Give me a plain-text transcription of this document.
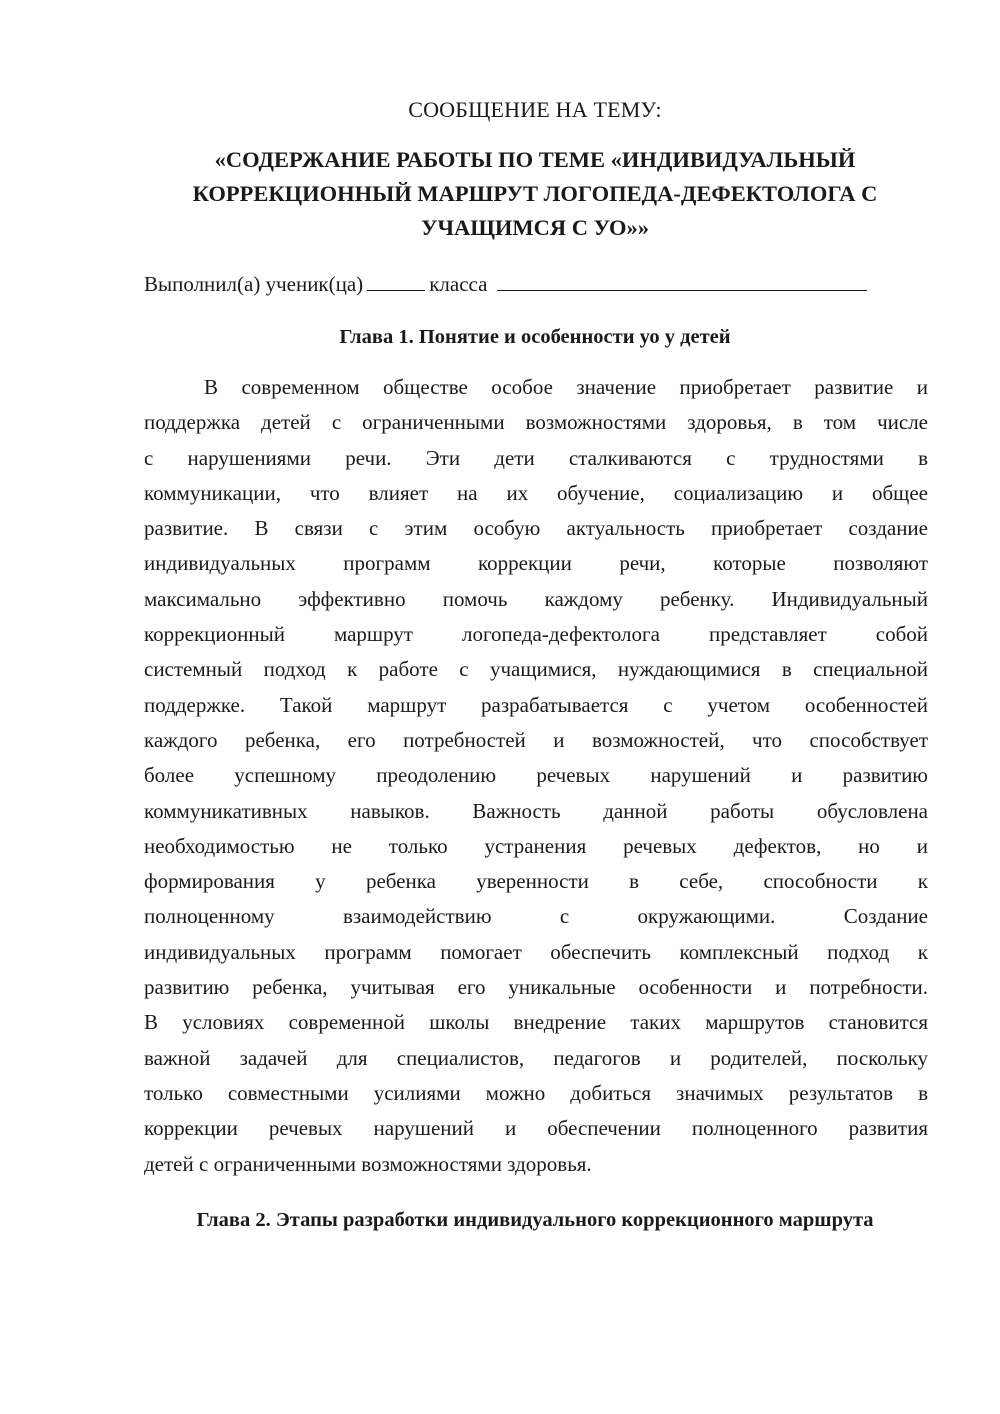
СООБЩЕНИЕ НА ТЕМУ:
«СОДЕРЖАНИЕ РАБОТЫ ПО ТЕМЕ «ИНДИВИДУАЛЬНЫЙ
КОРРЕКЦИОННЫЙ МАРШРУТ ЛОГОПЕДА-ДЕФЕКТОЛОГА С
УЧАЩИМСЯ С УО»»
Выполнил(а) ученик(ца)	класса
Глава 1. Понятие и особенности уо у детей
В современном обществе особое значение приобретает развитие и
поддержка детей с ограниченными возможностями здоровья, в том числе
с нарушениями речи. Эти дети сталкиваются с трудностями в
коммуникации, что влияет на их обучение, социализацию и общее
развитие. В связи с этим особую актуальность приобретает создание
индивидуальных программ коррекции речи, которые позволяют
максимально эффективно помочь каждому ребенку. Индивидуальный
коррекционный маршрут логопеда-дефектолога представляет собой
системный подход к работе с учащимися, нуждающимися в специальной
поддержке. Такой маршрут разрабатывается с учетом особенностей
каждого ребенка, его потребностей и возможностей, что способствует
более успешному преодолению речевых нарушений и развитию
коммуникативных навыков. Важность данной работы обусловлена
необходимостью не только устранения речевых дефектов, но и
формирования у ребенка уверенности в себе, способности к
полноценному взаимодействию с окружающими. Создание
индивидуальных программ помогает обеспечить комплексный подход к
развитию ребенка, учитывая его уникальные особенности и потребности.
В условиях современной школы внедрение таких маршрутов становится
важной задачей для специалистов, педагогов и родителей, поскольку
только совместными усилиями можно добиться значимых результатов в
коррекции речевых нарушений и обеспечении полноценного развития
детей с ограниченными возможностями здоровья.
Глава 2. Этапы разработки индивидуального коррекционного маршрута
